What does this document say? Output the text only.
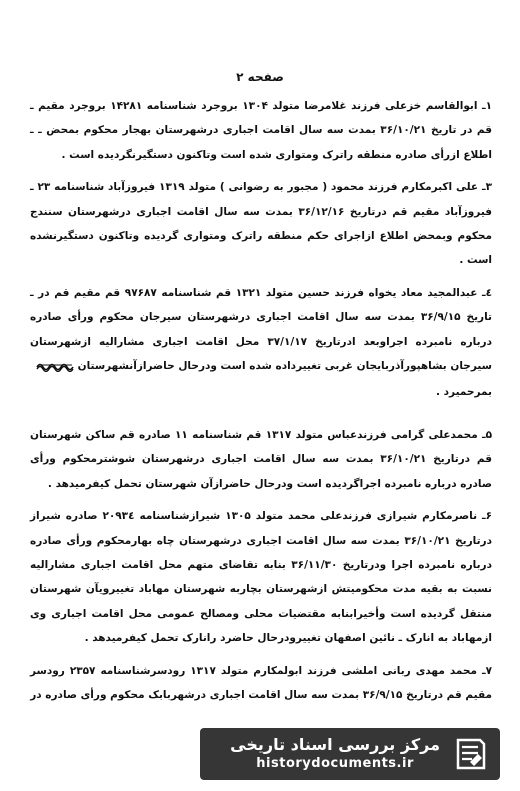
صفحه ۲

۱ـ ابوالقاسم خزعلی فرزند غلامرضا متولد ۱۳۰۴ بروجرد شناسنامه ۱۴۲۸۱ بروجرد مقیم ـ قم در تاریخ ۳۶/۱۰/۲۱ بمدت سه سال اقامت اجباری درشهرستان بهجار محکوم بمحض ـ ـ اطلاع ازرأی صادره منطقه راترک ومتواری شده است وتاکنون دستگیرنگردیده است .

۳ـ علی اکبرمکارم فرزند محمود ( مجبور به رضوانی ) متولد ۱۳۱۹ فیروزآباد شناسنامه ۲۳ ـ فیروزآباد مقیم قم درتاریخ ۳۶/۱۲/۱۶ بمدت سه سال اقامت اجباری درشهرستان سنندج محکوم وبمحض اطلاع ازاجرای حکم منطقه راترک ومتواری گردیده وتاکنون دستگیرنشده است .

٤ـ عبدالمجید معاد یخواه فرزند حسین متولد ۱۳۲۱ قم شناسنامه ۹۷۶۸۷ قم مقیم قم در ـ تاریخ ۳۶/۹/۱۵ بمدت سه سال اقامت اجباری درشهرستان سیرجان محکوم ورأی صادره درباره نامبرده اجراوبعد ادرتاریخ ۳۷/۱/۱۷ محل اقامت اجباری مشارالیه ازشهرستان سیرجان بشاهپورآذربایجان غربی تغییرداده شده است ودرحال حاضرازآنشهرستان

بمرحمیرد .

۵ـ محمدعلی گرامی فرزندعباس متولد ۱۳۱۷ قم شناسنامه ۱۱ صادره قم ساکن شهرستان قم درتاریخ ۳۶/۱۰/۲۱ بمدت سه سال اقامت اجباری درشهرستان شوشترمحکوم ورأی صادره درباره نامبرده اجراگردیده است ودرحال حاضرازآن شهرستان تحمل کیفرمیدهد .

۶ـ ناصرمکارم شیرازی فرزندعلی محمد متولد ۱۳۰۵ شیرازشناسنامه ۲۰۹۳٤ صادره شیراز درتاریخ ۳۶/۱۰/۲۱ بمدت سه سال اقامت اجباری درشهرستان چاه بهارمحکوم ورأی صادره درباره نامبرده اجرا ودرتاریخ ۳۶/۱۱/۳۰ بنابه تقاضای متهم محل اقامت اجباری مشارالیه نسبت به بقیه مدت محکومیتش ازشهرستان بچاربه شهرستان مهاباد تغییرویآن شهرستان منتقل گردیده است وأخیرابنابه مقتضیات محلی ومصالح عمومی محل اقامت اجباری وی ازمهاباد به انارک ـ نائین اصفهان تغییرودرحال حاضرد رانارک تحمل کیفرمیدهد .

۷ـ محمد مهدی ربانی املشی فرزند ابولمکارم متولد ۱۳۱۷ رودسرشناسنامه ۲۳۵۷ رودسر مقیم قم درتاریخ ۳۶/۹/۱۵ بمدت سه سال اقامت اجباری درشهربابک محکوم ورأی صادره در

مرکز بررسی اسناد تاریخی
historydocuments.ir
